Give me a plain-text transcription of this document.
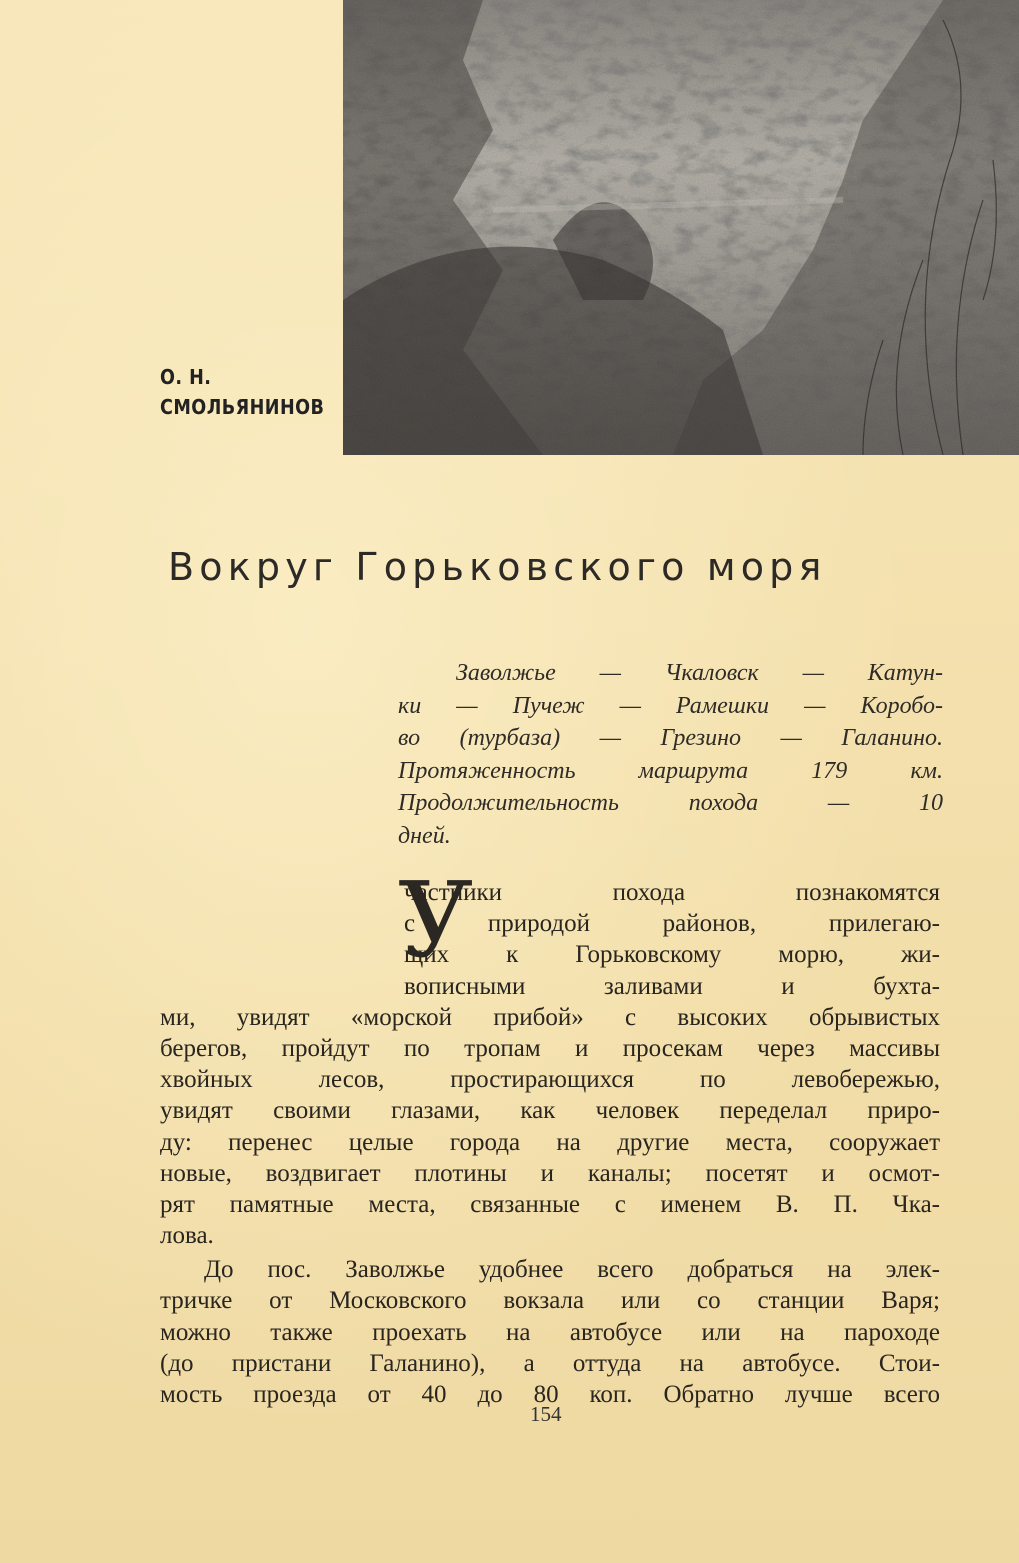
О. Н.
СМОЛЬЯНИНОВ
Вокруг Горьковского моря
Заволжье — Чкаловск — Катун-
ки — Пучеж — Рамешки — Коробо-
во (турбаза) — Грезино — Галанино.
Протяженность маршрута 179 км.
Продолжительность похода — 10
дней.
У
частники похода познакомятся
с природой районов, прилегаю-
щих к Горьковскому морю, жи-
вописными заливами и бухта-
ми, увидят «морской прибой» с высоких обрывистых
берегов, пройдут по тропам и просекам через массивы
хвойных лесов, простирающихся по левобережью,
увидят своими глазами, как человек переделал приро-
ду: перенес целые города на другие места, сооружает
новые, воздвигает плотины и каналы; посетят и осмот-
рят памятные места, связанные с именем В. П. Чка-
лова.
До пос. Заволжье удобнее всего добраться на элек-
тричке от Московского вокзала или со станции Варя;
можно также проехать на автобусе или на пароходе
(до пристани Галанино), а оттуда на автобусе. Стои-
мость проезда от 40 до 80 коп. Обратно лучше всего
154
